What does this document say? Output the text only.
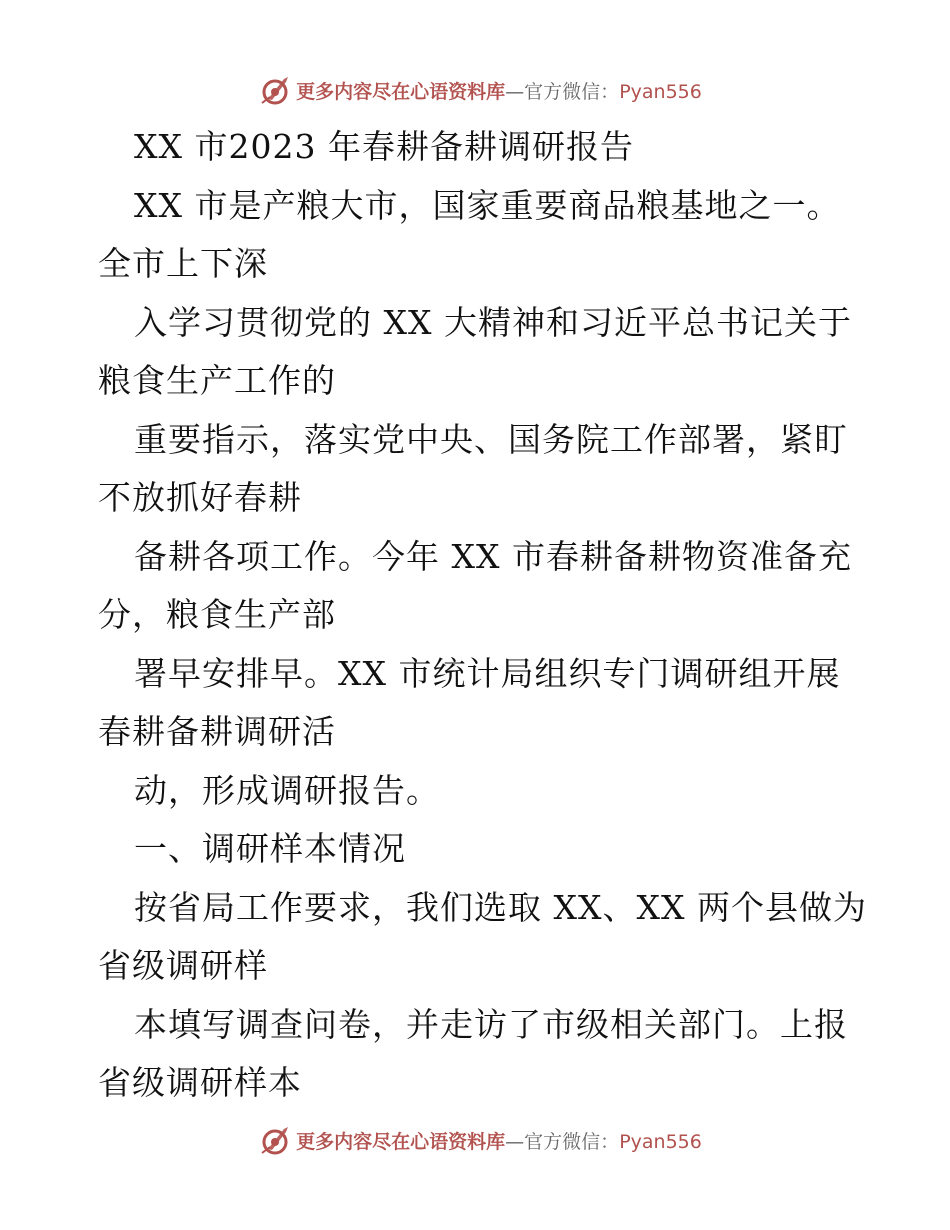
更多内容尽在心语资料库—官方微信：Pyan556
XX 市2023 年春耕备耕调研报告
XX 市是产粮大市，国家重要商品粮基地之一。
全市上下深
入学习贯彻党的 XX 大精神和习近平总书记关于
粮食生产工作的
重要指示，落实党中央、国务院工作部署，紧盯
不放抓好春耕
备耕各项工作。今年 XX 市春耕备耕物资准备充
分，粮食生产部
署早安排早。XX 市统计局组织专门调研组开展
春耕备耕调研活
动，形成调研报告。
一、调研样本情况
按省局工作要求，我们选取 XX、XX 两个县做为
省级调研样
本填写调查问卷，并走访了市级相关部门。上报
省级调研样本
更多内容尽在心语资料库—官方微信：Pyan556
